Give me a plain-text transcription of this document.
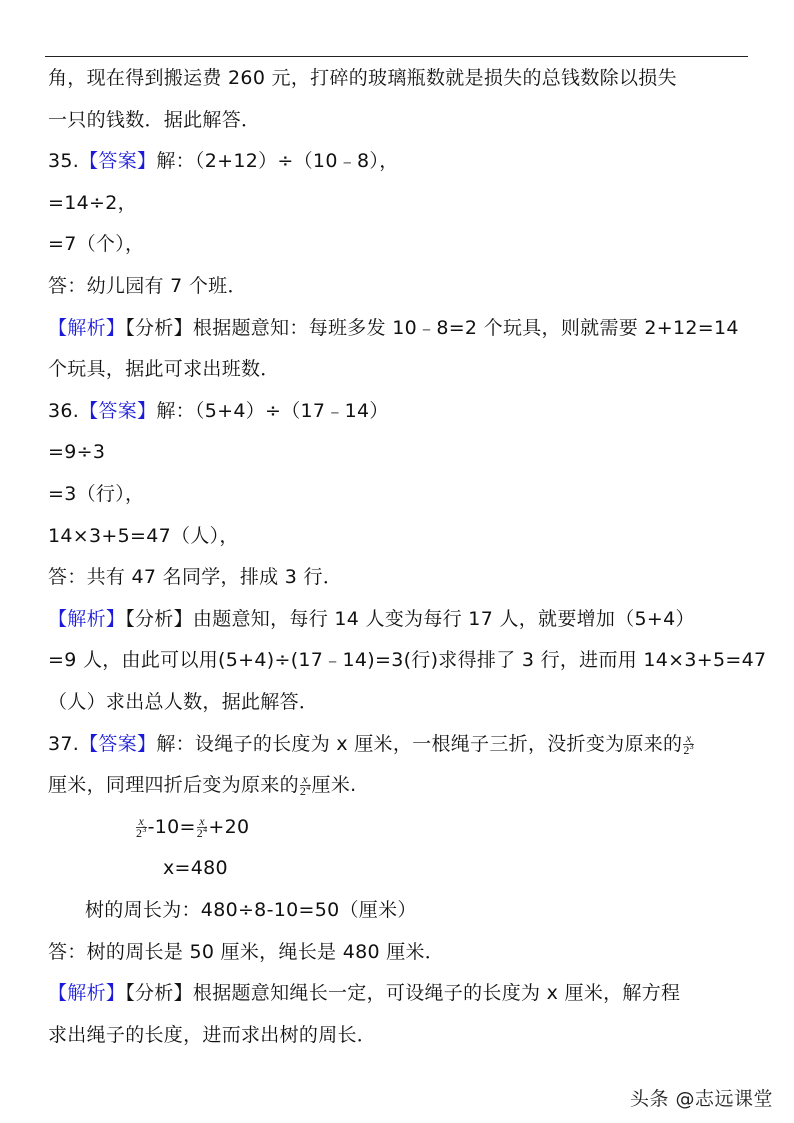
角，现在得到搬运费 260 元，打碎的玻璃瓶数就是损失的总钱数除以损失
一只的钱数．据此解答．
35.【答案】解：（2+12）÷（10﹣8），
=14÷2，
=7（个），
答：幼儿园有 7 个班．
【解析】【分析】根据题意知：每班多发 10﹣8=2 个玩具，则就需要 2+12=14
个玩具，据此可求出班数．
36.【答案】解：（5+4）÷（17﹣14）
=9÷3
=3（行），
14×3+5=47（人），
答：共有 47 名同学，排成 3 行．
【解析】【分析】由题意知，每行 14 人变为每行 17 人，就要增加（5+4）
=9 人，由此可以用(5+4)÷(17﹣14)=3(行)求得排了 3 行，进而用 14×3+5=47
（人）求出总人数，据此解答．
37.【答案】解：设绳子的长度为 x 厘米，一根绳子三折，没折变为原来的 $\frac{x}{2^3}$
厘米，同理四折后变为原来的 $\frac{x}{2^4}$ 厘米.
$\frac{x}{2^3} -10= \frac{x}{2^4} +20$
x=480
树的周长为：480÷8-10=50（厘米）
答：树的周长是 50 厘米，绳长是 480 厘米．
【解析】【分析】根据题意知绳长一定，可设绳子的长度为 x 厘米，解方程
求出绳子的长度，进而求出树的周长．
头条 @志远课堂
